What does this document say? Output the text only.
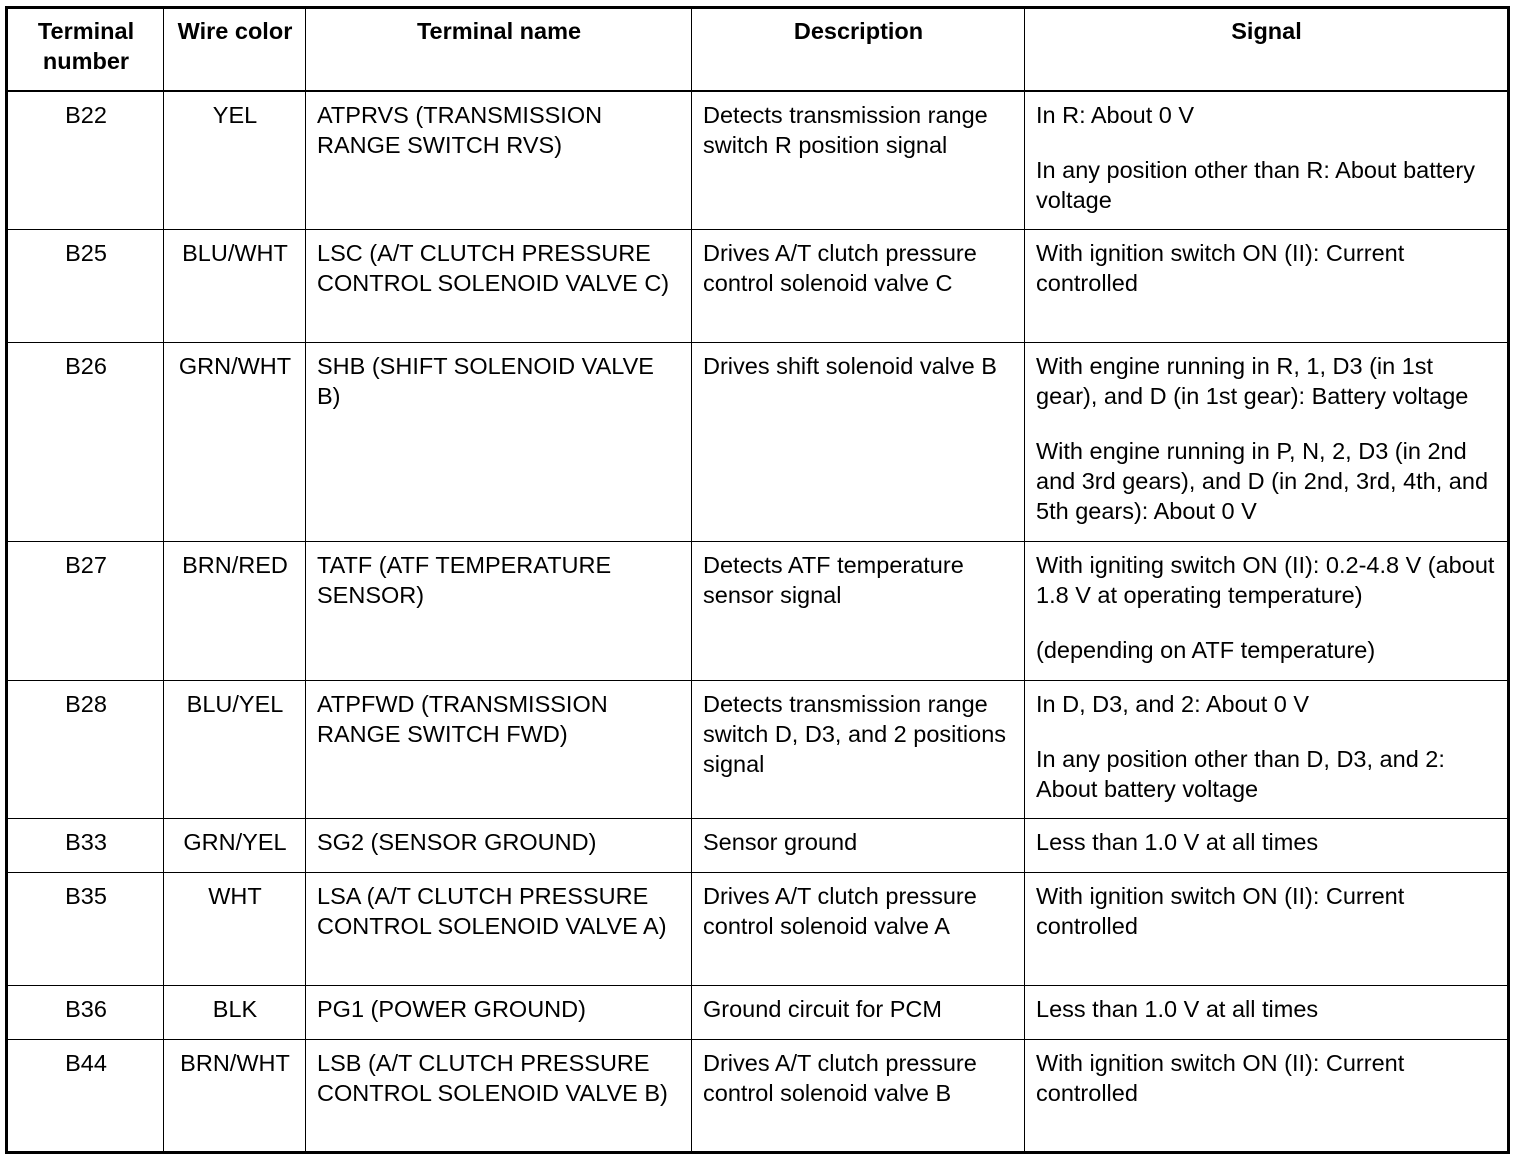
Terminal number	Wire color	Terminal name	Description	Signal
B22	YEL	ATPRVS (TRANSMISSION RANGE SWITCH RVS)	Detects transmission range switch R position signal	In R: About 0 V
In any position other than R: About battery voltage

B25	BLU/WHT	LSC (A/T CLUTCH PRESSURE CONTROL SOLENOID VALVE C)	Drives A/T clutch pressure control solenoid valve C	With ignition switch ON (II): Current controlled

B26	GRN/WHT	SHB (SHIFT SOLENOID VALVE B)	Drives shift solenoid valve B	With engine running in R, 1, D3 (in 1st gear), and D (in 1st gear): Battery voltage
With engine running in P, N, 2, D3 (in 2nd and 3rd gears), and D (in 2nd, 3rd, 4th, and 5th gears): About 0 V

B27	BRN/RED	TATF (ATF TEMPERATURE SENSOR)	Detects ATF temperature sensor signal	With igniting switch ON (II): 0.2-4.8 V (about 1.8 V at operating temperature)
(depending on ATF temperature)

B28	BLU/YEL	ATPFWD (TRANSMISSION RANGE SWITCH FWD)	Detects transmission range switch D, D3, and 2 positions signal	In D, D3, and 2: About 0 V
In any position other than D, D3, and 2: About battery voltage

B33	GRN/YEL	SG2 (SENSOR GROUND)	Sensor ground	Less than 1.0 V at all times

B35	WHT	LSA (A/T CLUTCH PRESSURE CONTROL SOLENOID VALVE A)	Drives A/T clutch pressure control solenoid valve A	With ignition switch ON (II): Current controlled

B36	BLK	PG1 (POWER GROUND)	Ground circuit for PCM	Less than 1.0 V at all times

B44	BRN/WHT	LSB (A/T CLUTCH PRESSURE CONTROL SOLENOID VALVE B)	Drives A/T clutch pressure control solenoid valve B	With ignition switch ON (II): Current controlled
